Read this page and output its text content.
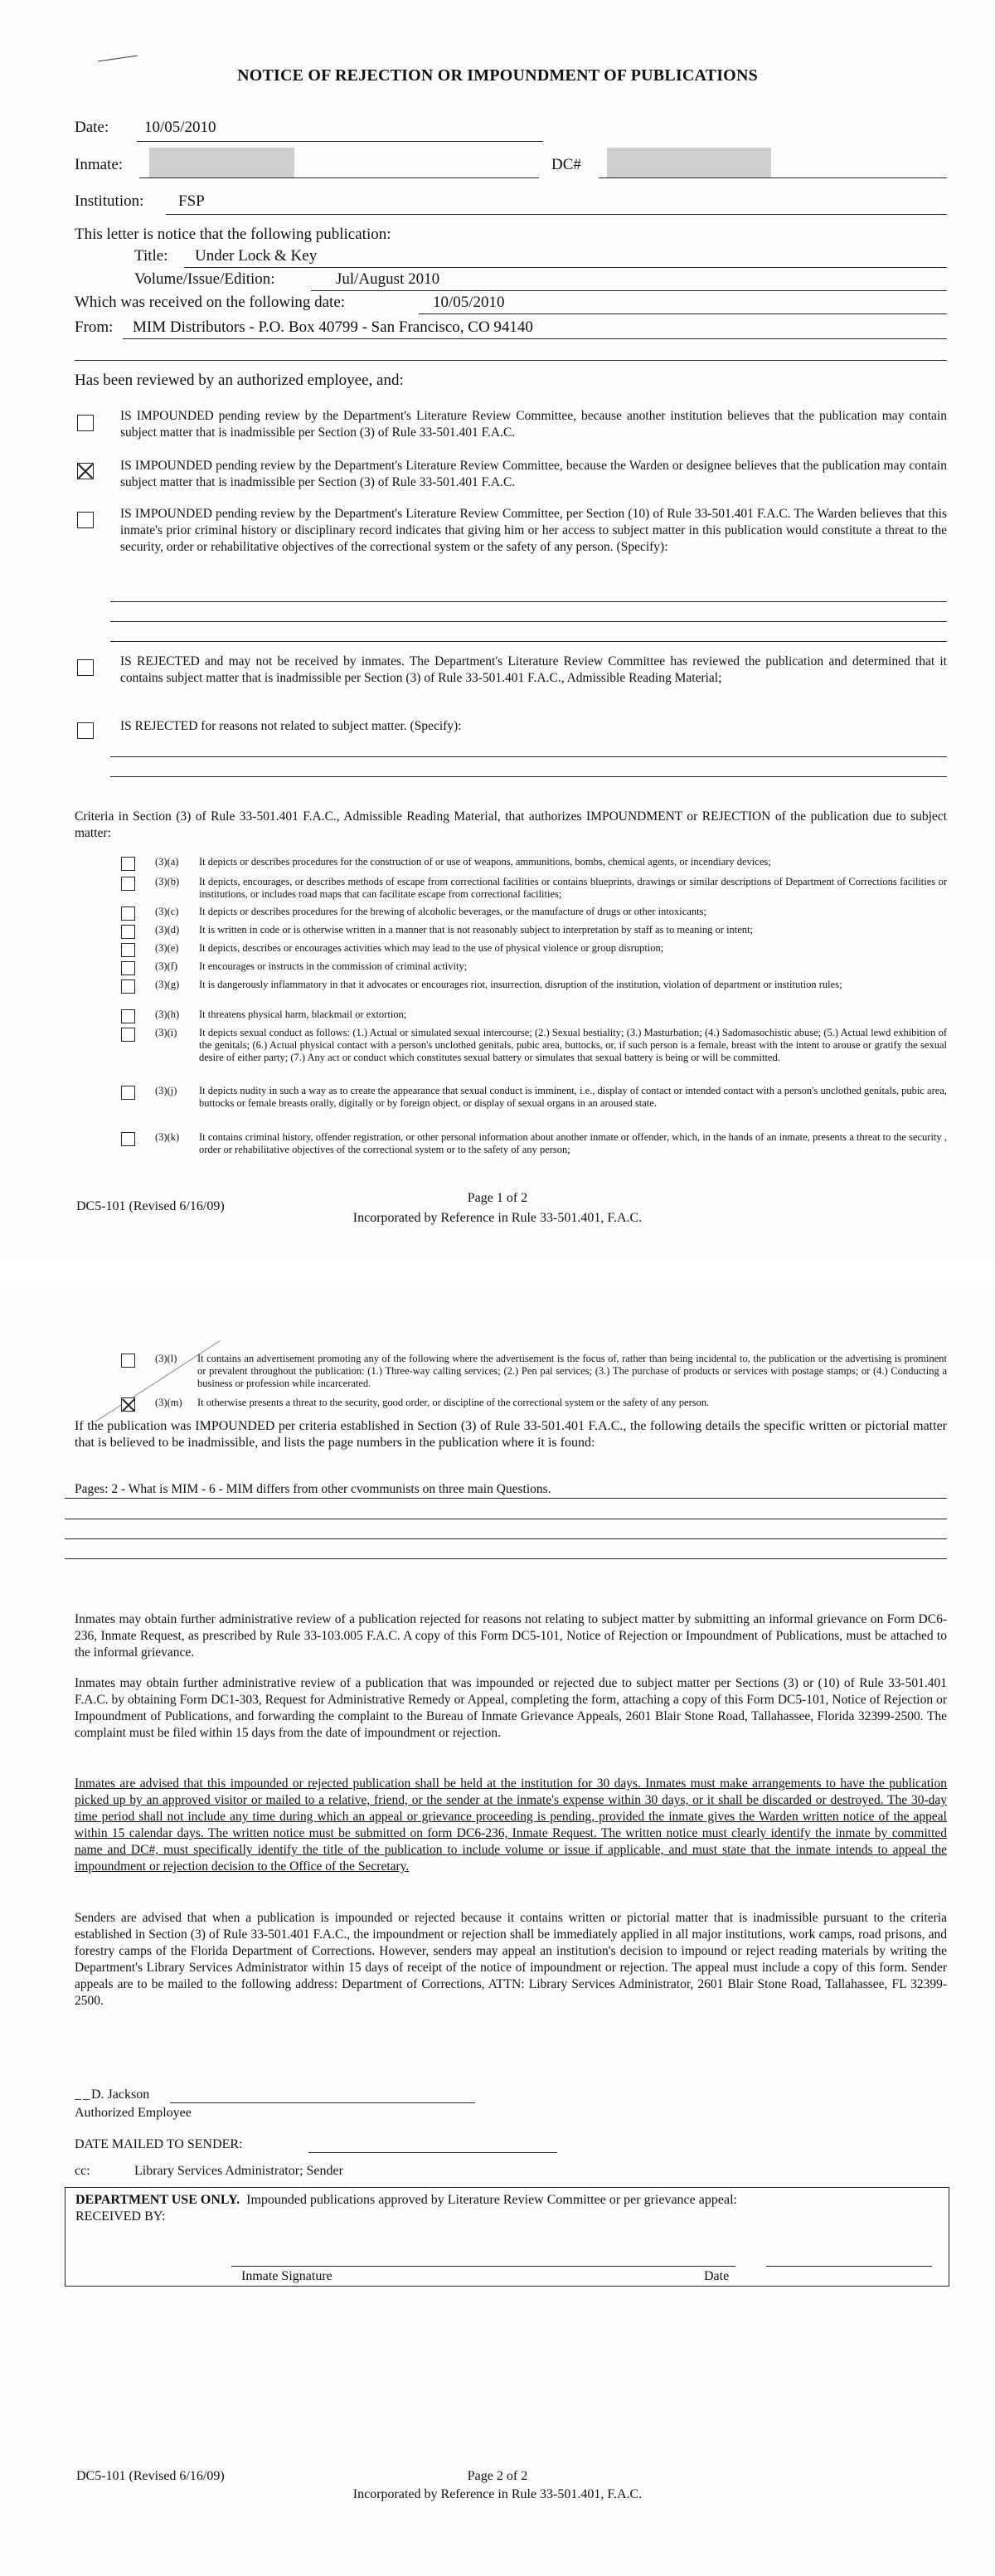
NOTICE OF REJECTION OR IMPOUNDMENT OF PUBLICATIONS
Date: 10/05/2010
Inmate:	DC#
Institution: FSP
This letter is notice that the following publication:
Title: Under Lock & Key
Volume/Issue/Edition:	Jul/August 2010
Which was received on the following date:	10/05/2010
From: MIM Distributors - P.O. Box 40799 - San Francisco, CO 94140
Has been reviewed by an authorized employee, and:
IS IMPOUNDED pending review by the Department's Literature Review Committee, because another institution believes that the publication may contain subject matter that is inadmissible per Section (3) of Rule 33-501.401 F.A.C.
IS IMPOUNDED pending review by the Department's Literature Review Committee, because the Warden or designee believes that the publication may contain subject matter that is inadmissible per Section (3) of Rule 33-501.401 F.A.C.
IS IMPOUNDED pending review by the Department's Literature Review Committee, per Section (10) of Rule 33-501.401 F.A.C. The Warden believes that this inmate's prior criminal history or disciplinary record indicates that giving him or her access to subject matter in this publication would constitute a threat to the security, order or rehabilitative objectives of the correctional system or the safety of any person. (Specify):
IS REJECTED and may not be received by inmates. The Department's Literature Review Committee has reviewed the publication and determined that it contains subject matter that is inadmissible per Section (3) of Rule 33-501.401 F.A.C., Admissible Reading Material;
IS REJECTED for reasons not related to subject matter. (Specify):
Criteria in Section (3) of Rule 33-501.401 F.A.C., Admissible Reading Material, that authorizes IMPOUNDMENT or REJECTION of the publication due to subject matter:
(3)(a) It depicts or describes procedures for the construction of or use of weapons, ammunitions, bombs, chemical agents, or incendiary devices;
(3)(b) It depicts, encourages, or describes methods of escape from correctional facilities or contains blueprints, drawings or similar descriptions of Department of Corrections facilities or institutions, or includes road maps that can facilitate escape from correctional facilities;
(3)(c) It depicts or describes procedures for the brewing of alcoholic beverages, or the manufacture of drugs or other intoxicants;
(3)(d) It is written in code or is otherwise written in a manner that is not reasonably subject to interpretation by staff as to meaning or intent;
(3)(e) It depicts, describes or encourages activities which may lead to the use of physical violence or group disruption;
(3)(f) It encourages or instructs in the commission of criminal activity;
(3)(g) It is dangerously inflammatory in that it advocates or encourages riot, insurrection, disruption of the institution, violation of department or institution rules;
(3)(h) It threatens physical harm, blackmail or extortion;
(3)(i) It depicts sexual conduct as follows: (1.) Actual or simulated sexual intercourse; (2.) Sexual bestiality; (3.) Masturbation; (4.) Sadomasochistic abuse; (5.) Actual lewd exhibition of the genitals; (6.) Actual physical contact with a person's unclothed genitals, pubic area, buttocks, or, if such person is a female, breast with the intent to arouse or gratify the sexual desire of either party; (7.) Any act or conduct which constitutes sexual battery or simulates that sexual battery is being or will be committed.
(3)(j) It depicts nudity in such a way as to create the appearance that sexual conduct is imminent, i.e., display of contact or intended contact with a person's unclothed genitals, pubic area, buttocks or female breasts orally, digitally or by foreign object, or display of sexual organs in an aroused state.
(3)(k) It contains criminal history, offender registration, or other personal information about another inmate or offender, which, in the hands of an inmate, presents a threat to the security , order or rehabilitative objectives of the correctional system or to the safety of any person;
DC5-101 (Revised 6/16/09)
Page 1 of 2
Incorporated by Reference in Rule 33-501.401, F.A.C.
(3)(l) It contains an advertisement promoting any of the following where the advertisement is the focus of, rather than being incidental to, the publication or the advertising is prominent or prevalent throughout the publication: (1.) Three-way calling services; (2.) Pen pal services; (3.) The purchase of products or services with postage stamps; or (4.) Conducting a business or profession while incarcerated.
(3)(m) It otherwise presents a threat to the security, good order, or discipline of the correctional system or the safety of any person.
If the publication was IMPOUNDED per criteria established in Section (3) of Rule 33-501.401 F.A.C., the following details the specific written or pictorial matter that is believed to be inadmissible, and lists the page numbers in the publication where it is found:
Pages: 2 - What is MIM - 6 - MIM differs from other cvommunists on three main Questions.
Inmates may obtain further administrative review of a publication rejected for reasons not relating to subject matter by submitting an informal grievance on Form DC6-236, Inmate Request, as prescribed by Rule 33-103.005 F.A.C. A copy of this Form DC5-101, Notice of Rejection or Impoundment of Publications, must be attached to the informal grievance.
Inmates may obtain further administrative review of a publication that was impounded or rejected due to subject matter per Sections (3) or (10) of Rule 33-501.401 F.A.C. by obtaining Form DC1-303, Request for Administrative Remedy or Appeal, completing the form, attaching a copy of this Form DC5-101, Notice of Rejection or Impoundment of Publications, and forwarding the complaint to the Bureau of Inmate Grievance Appeals, 2601 Blair Stone Road, Tallahassee, Florida 32399-2500. The complaint must be filed within 15 days from the date of impoundment or rejection.
Inmates are advised that this impounded or rejected publication shall be held at the institution for 30 days. Inmates must make arrangements to have the publication picked up by an approved visitor or mailed to a relative, friend, or the sender at the inmate's expense within 30 days, or it shall be discarded or destroyed. The 30-day time period shall not include any time during which an appeal or grievance proceeding is pending, provided the inmate gives the Warden written notice of the appeal within 15 calendar days. The written notice must be submitted on form DC6-236, Inmate Request. The written notice must clearly identify the inmate by committed name and DC#, must specifically identify the title of the publication to include volume or issue if applicable, and must state that the inmate intends to appeal the impoundment or rejection decision to the Office of the Secretary.
Senders are advised that when a publication is impounded or rejected because it contains written or pictorial matter that is inadmissible pursuant to the criteria established in Section (3) of Rule 33-501.401 F.A.C., the impoundment or rejection shall be immediately applied in all major institutions, work camps, road prisons, and forestry camps of the Florida Department of Corrections. However, senders may appeal an institution's decision to impound or reject reading materials by writing the Department's Library Services Administrator within 15 days of receipt of the notice of impoundment or rejection. The appeal must include a copy of this form. Sender appeals are to be mailed to the following address: Department of Corrections, ATTN: Library Services Administrator, 2601 Blair Stone Road, Tallahassee, FL 32399-2500.
__D. Jackson
Authorized Employee
DATE MAILED TO SENDER:
cc:	Library Services Administrator; Sender
DEPARTMENT USE ONLY. Impounded publications approved by Literature Review Committee or per grievance appeal:
RECEIVED BY:
Inmate Signature	Date
DC5-101 (Revised 6/16/09)	Page 2 of 2
Incorporated by Reference in Rule 33-501.401, F.A.C.
